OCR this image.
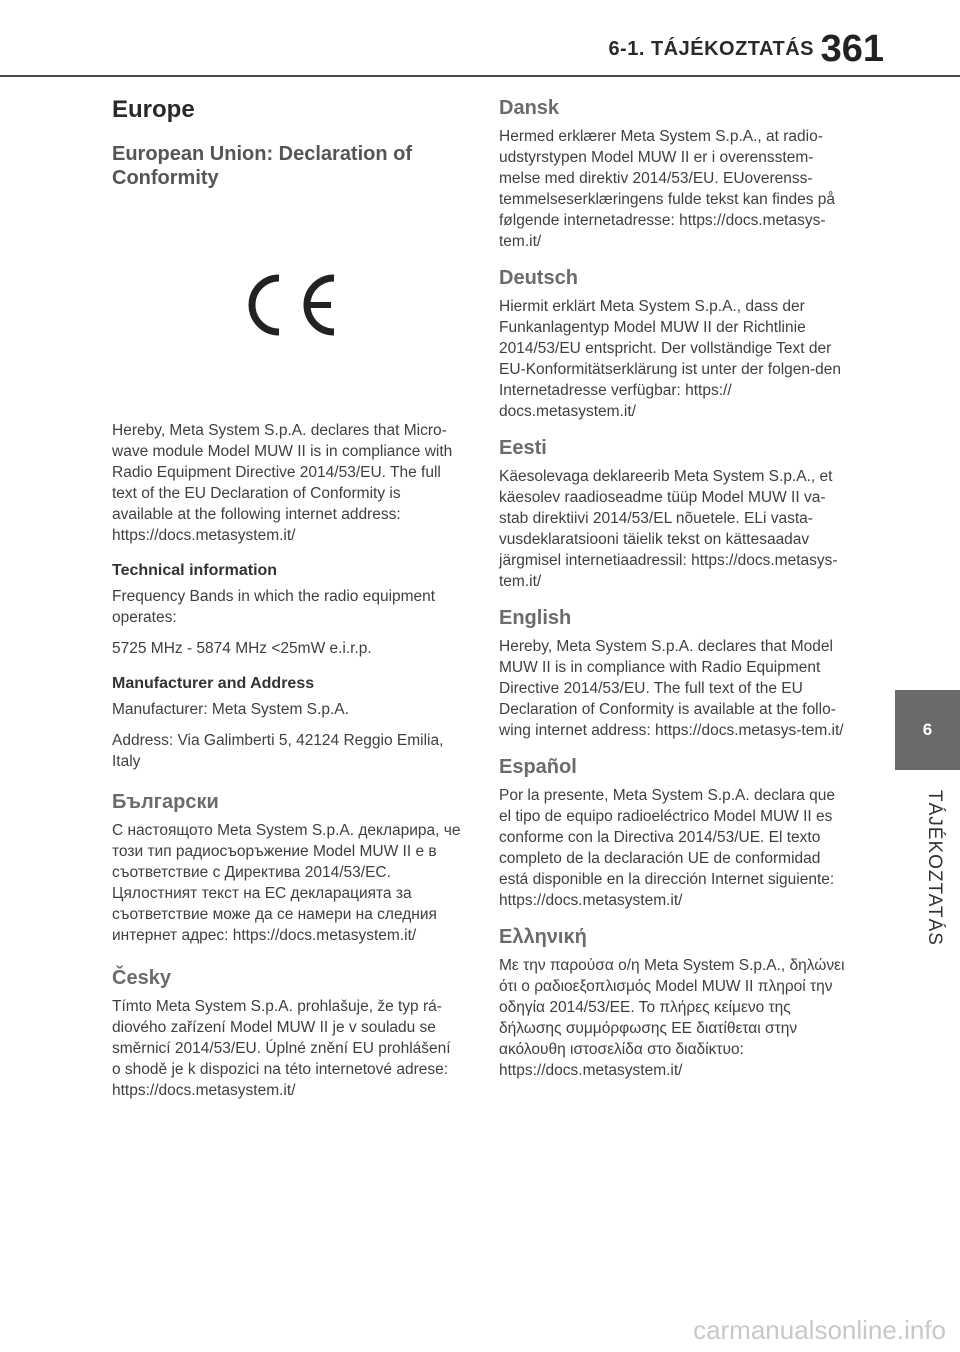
6-1. TÁJÉKOZTATÁS 361
Europe
European Union: Declaration of Conformity

Hereby, Meta System S.p.A. declares that Micro-wave module Model MUW II is in compliance with Radio Equipment Directive 2014/53/EU. The full text of the EU Declaration of Conformity is available at the following internet address: https://docs.metasystem.it/

Technical information

Frequency Bands in which the radio equipment operates:

5725 MHz - 5874 MHz <25mW e.i.r.p.

Manufacturer and Address

Manufacturer: Meta System S.p.A.

Address: Via Galimberti 5, 42124 Reggio Emilia, Italy

Български

С настоящото Meta System S.p.A. декларира, че този тип радиосъоръжение Model MUW II е в съответствие с Директива 2014/53/ЕС. Цялостният текст на ЕС декларацията за съответствие може да се намери на следния интернет адрес: https://docs.metasystem.it/

Česky

Tímto Meta System S.p.A. prohlašuje, že typ rá-diového zařízení Model MUW II je v souladu se směrnicí 2014/53/EU. Úplné znění EU prohlášení o shodě je k dispozici na této internetové adrese: https://docs.metasystem.it/

Dansk

Hermed erklærer Meta System S.p.A., at radio-udstyrstypen Model MUW II er i overensstem-melse med direktiv 2014/53/EU. EUoverenss-temmelseserklæringens fulde tekst kan findes på følgende internetadresse: https://docs.metasys-tem.it/

Deutsch

Hiermit erklärt Meta System S.p.A., dass der Funkanlagentyp Model MUW II der Richtlinie 2014/53/EU entspricht. Der vollständige Text der EU-Konformitätserklärung ist unter der folgen-den Internetadresse verfügbar: https:// docs.metasystem.it/

Eesti

Käesolevaga deklareerib Meta System S.p.A., et käesolev raadioseadme tüüp Model MUW II va-stab direktiivi 2014/53/EL nõuetele. ELi vasta-vusdeklaratsiooni täielik tekst on kättesaadav järgmisel internetiaadressil: https://docs.metasys-tem.it/

English

Hereby, Meta System S.p.A. declares that Model MUW II is in compliance with Radio Equipment Directive 2014/53/EU. The full text of the EU Declaration of Conformity is available at the follo-wing internet address: https://docs.metasys-tem.it/

Español

Por la presente, Meta System S.p.A. declara que el tipo de equipo radioeléctrico Model MUW II es conforme con la Directiva 2014/53/UE. El texto completo de la declaración UE de conformidad está disponible en la dirección Internet siguiente: https://docs.metasystem.it/

Ελληνική

Με την παρούσα ο/η Meta System S.p.A., δηλώνει ότι ο ραδιοεξοπλισμός Model MUW II πληροί την οδηγία 2014/53/ΕΕ. Το πλήρες κείμενο της δήλωσης συμμόρφωσης ΕΕ διατίθεται στην ακόλουθη ιστοσελίδα στο διαδίκτυο: https://docs.metasystem.it/

6
TÁJÉKOZTATÁS
carmanualsonline.info
